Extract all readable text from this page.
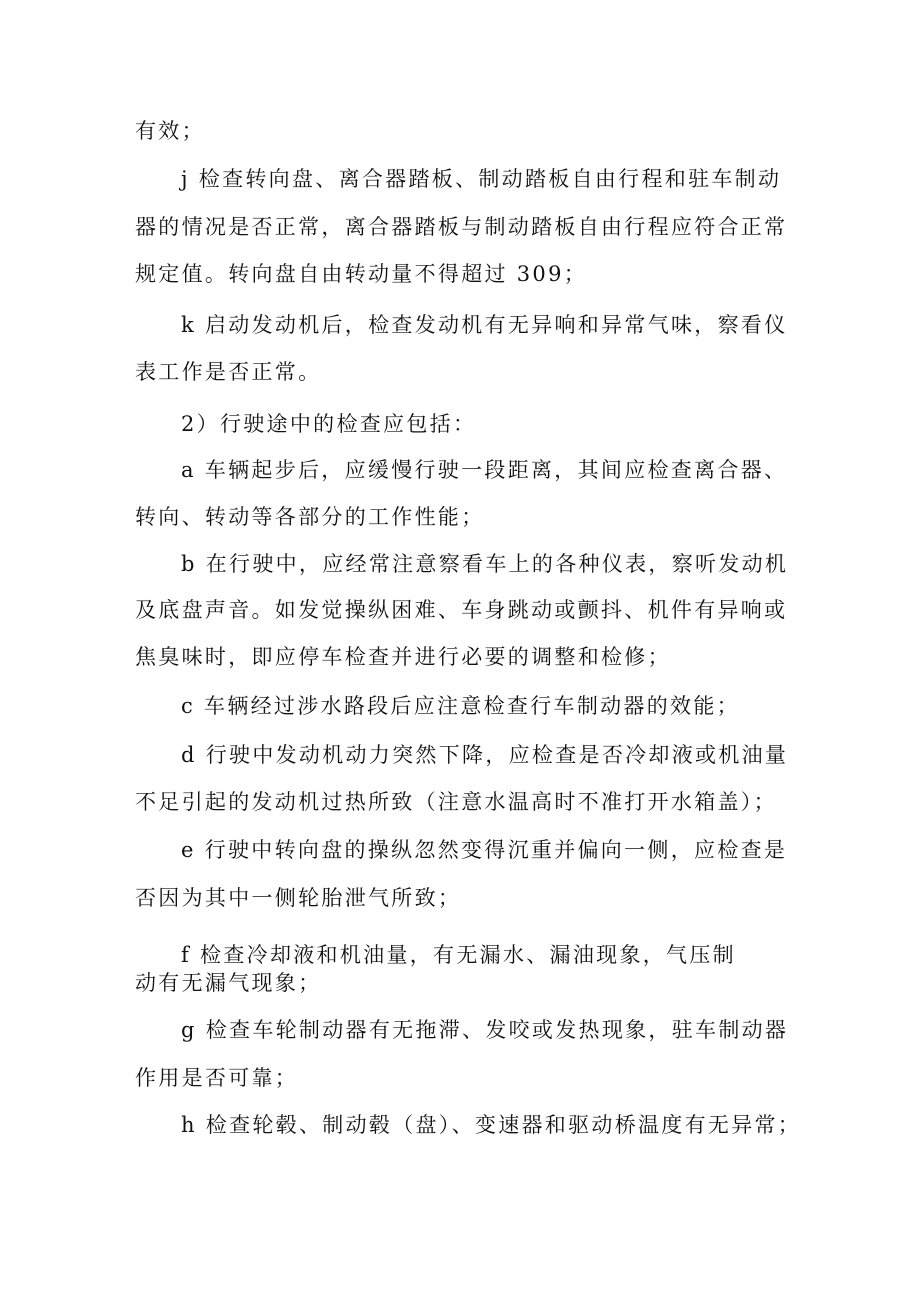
有效；
j 检查转向盘、离合器踏板、制动踏板自由行程和驻车制动
器的情况是否正常，离合器踏板与制动踏板自由行程应符合正常
规定值。转向盘自由转动量不得超过 309；
k 启动发动机后，检查发动机有无异响和异常气味，察看仪
表工作是否正常。
2）行驶途中的检查应包括：
a 车辆起步后，应缓慢行驶一段距离，其间应检查离合器、
转向、转动等各部分的工作性能；
b 在行驶中，应经常注意察看车上的各种仪表，察听发动机
及底盘声音。如发觉操纵困难、车身跳动或颤抖、机件有异响或
焦臭味时，即应停车检查并进行必要的调整和检修；
c 车辆经过涉水路段后应注意检查行车制动器的效能；
d 行驶中发动机动力突然下降，应检查是否冷却液或机油量
不足引起的发动机过热所致（注意水温高时不准打开水箱盖）；
e 行驶中转向盘的操纵忽然变得沉重并偏向一侧，应检查是
否因为其中一侧轮胎泄气所致；
f 检查冷却液和机油量，有无漏水、漏油现象，气压制
动有无漏气现象；
g 检查车轮制动器有无拖滞、发咬或发热现象，驻车制动器
作用是否可靠；
h 检查轮毂、制动毂（盘）、变速器和驱动桥温度有无异常；
